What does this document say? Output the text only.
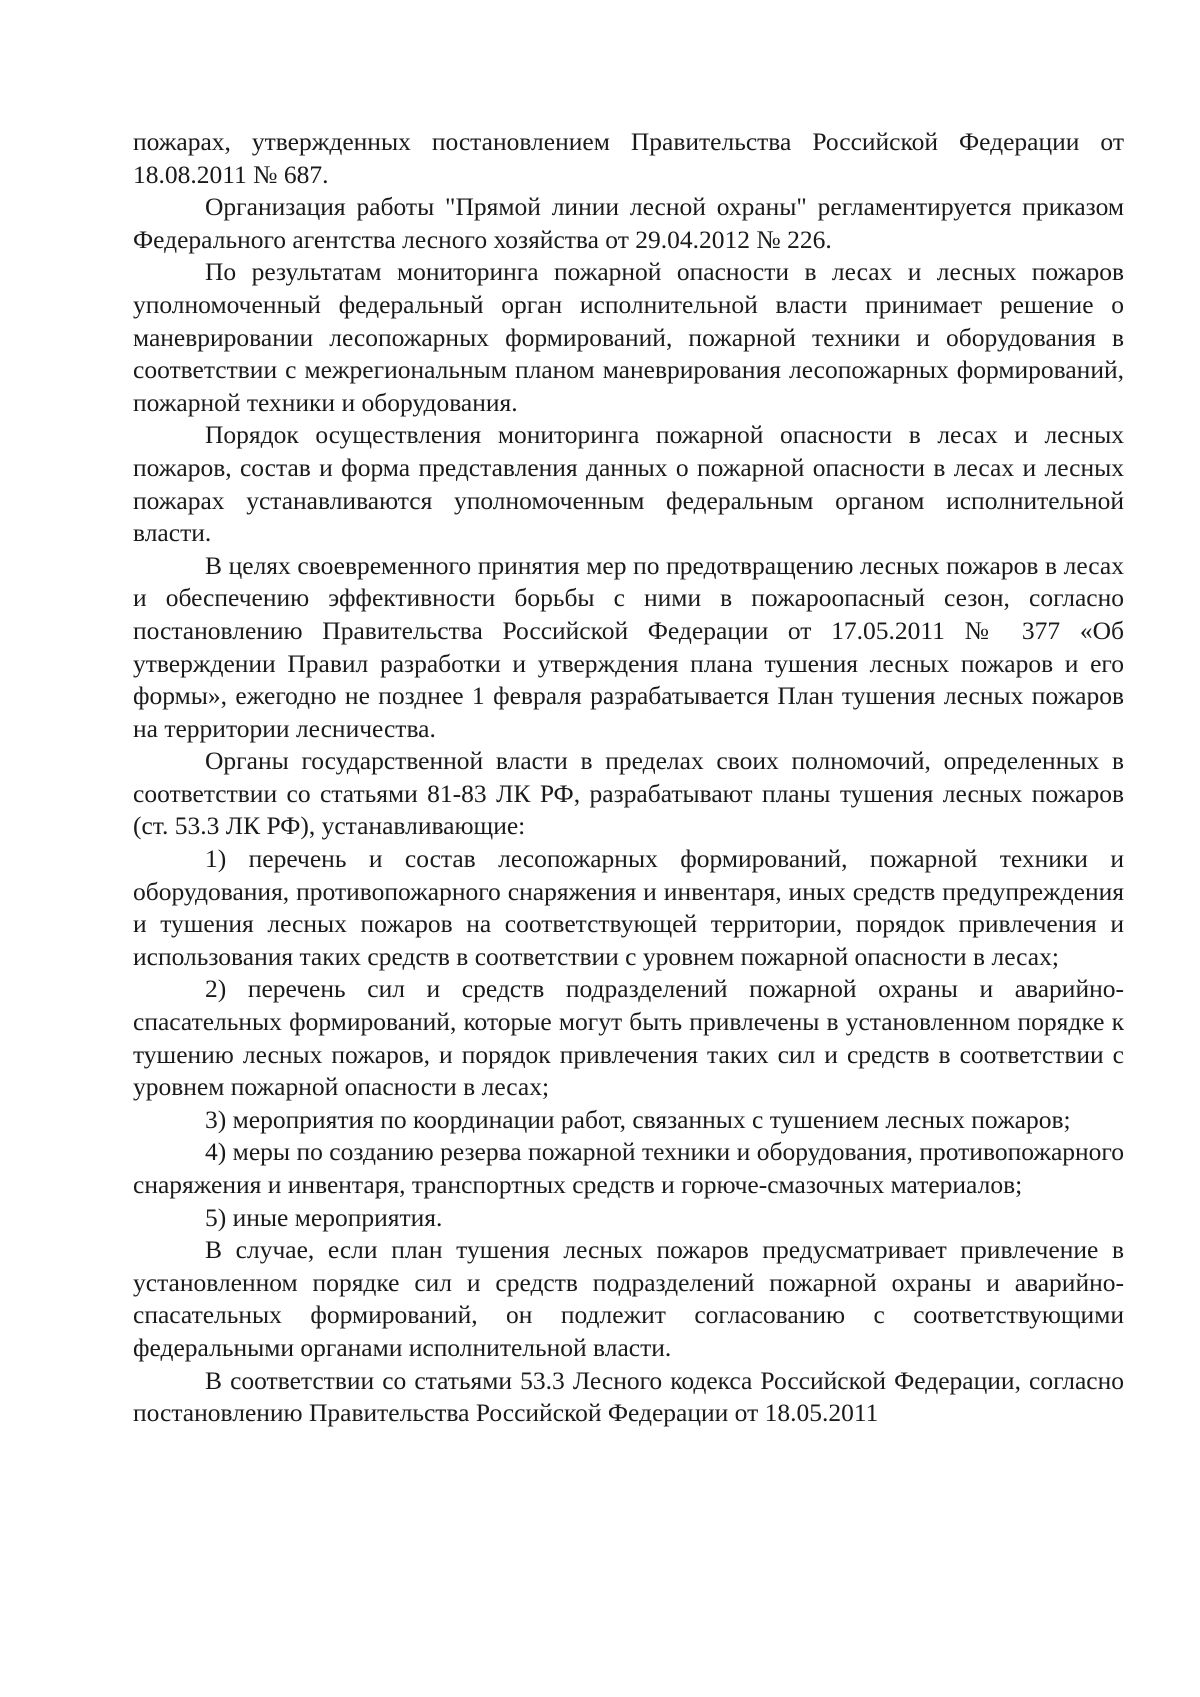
пожарах, утвержденных постановлением Правительства Российской Федерации от 18.08.2011 № 687.

Организация работы "Прямой линии лесной охраны" регламентируется приказом Федерального агентства лесного хозяйства от 29.04.2012 № 226.

По результатам мониторинга пожарной опасности в лесах и лесных пожаров уполномоченный федеральный орган исполнительной власти принимает решение о маневрировании лесопожарных формирований, пожарной техники и оборудования в соответствии с межрегиональным планом маневрирования лесопожарных формирований, пожарной техники и оборудования.

Порядок осуществления мониторинга пожарной опасности в лесах и лесных пожаров, состав и форма представления данных о пожарной опасности в лесах и лесных пожарах устанавливаются уполномоченным федеральным органом исполнительной власти.

В целях своевременного принятия мер по предотвращению лесных пожаров в лесах и обеспечению эффективности борьбы с ними в пожароопасный сезон, согласно постановлению Правительства Российской Федерации от 17.05.2011 № 377 «Об утверждении Правил разработки и утверждения плана тушения лесных пожаров и его формы», ежегодно не позднее 1 февраля разрабатывается План тушения лесных пожаров на территории лесничества.

Органы государственной власти в пределах своих полномочий, определенных в соответствии со статьями 81-83 ЛК РФ, разрабатывают планы тушения лесных пожаров (ст. 53.3 ЛК РФ), устанавливающие:

1) перечень и состав лесопожарных формирований, пожарной техники и оборудования, противопожарного снаряжения и инвентаря, иных средств предупреждения и тушения лесных пожаров на соответствующей территории, порядок привлечения и использования таких средств в соответствии с уровнем пожарной опасности в лесах;

2) перечень сил и средств подразделений пожарной охраны и аварийно-спасательных формирований, которые могут быть привлечены в установленном порядке к тушению лесных пожаров, и порядок привлечения таких сил и средств в соответствии с уровнем пожарной опасности в лесах;

3) мероприятия по координации работ, связанных с тушением лесных пожаров;

4) меры по созданию резерва пожарной техники и оборудования, противопожарного снаряжения и инвентаря, транспортных средств и горюче-смазочных материалов;

5) иные мероприятия.

В случае, если план тушения лесных пожаров предусматривает привлечение в установленном порядке сил и средств подразделений пожарной охраны и аварийно-спасательных формирований, он подлежит согласованию с соответствующими федеральными органами исполнительной власти.

В соответствии со статьями 53.3 Лесного кодекса Российской Федерации, согласно постановлению Правительства Российской Федерации от 18.05.2011
